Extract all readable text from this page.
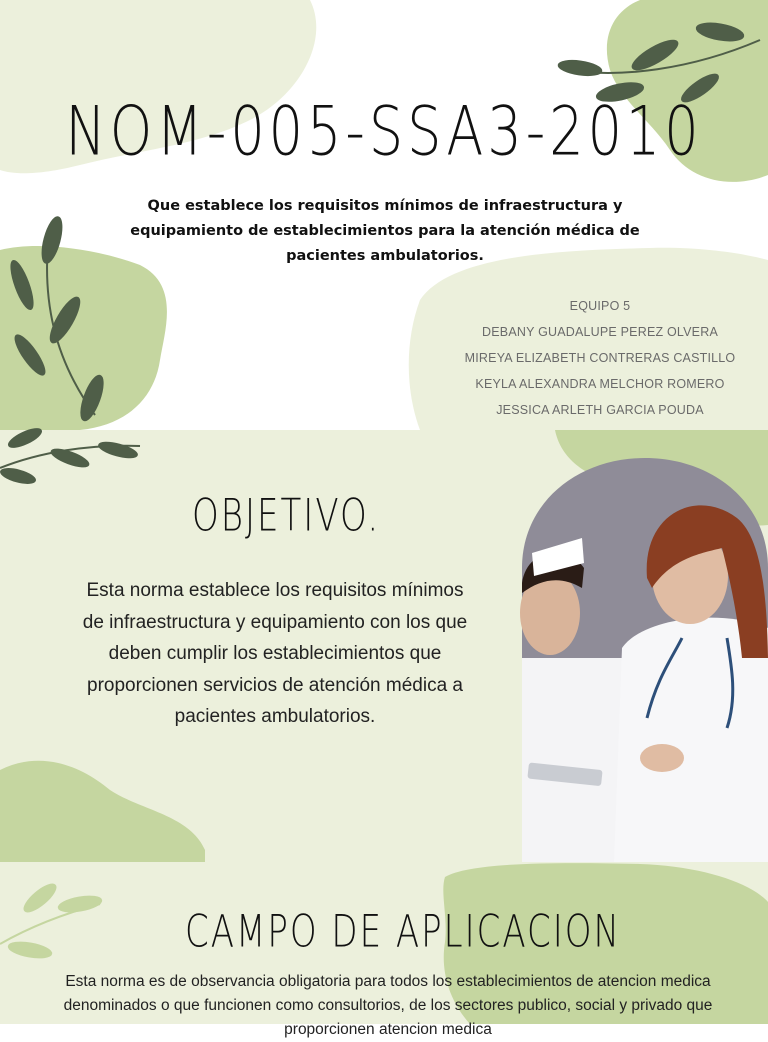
NOM-005-SSA3-2010

Que establece los requisitos mínimos de infraestructura y equipamiento de establecimientos para la atención médica de pacientes ambulatorios.

EQUIPO 5
DEBANY GUADALUPE PEREZ OLVERA
MIREYA ELIZABETH CONTRERAS CASTILLO
KEYLA ALEXANDRA MELCHOR ROMERO
JESSICA ARLETH GARCIA POUDA
OBJETIVO.

Esta norma establece los requisitos mínimos de infraestructura y equipamiento con los que deben cumplir los establecimientos que proporcionen servicios de atención médica a pacientes ambulatorios.

CAMPO DE APLICACION

Esta norma es de observancia obligatoria para todos los establecimientos de atencion medica denominados o que funcionen como consultorios, de los sectores publico, social y privado que proporcionen atencion medica
